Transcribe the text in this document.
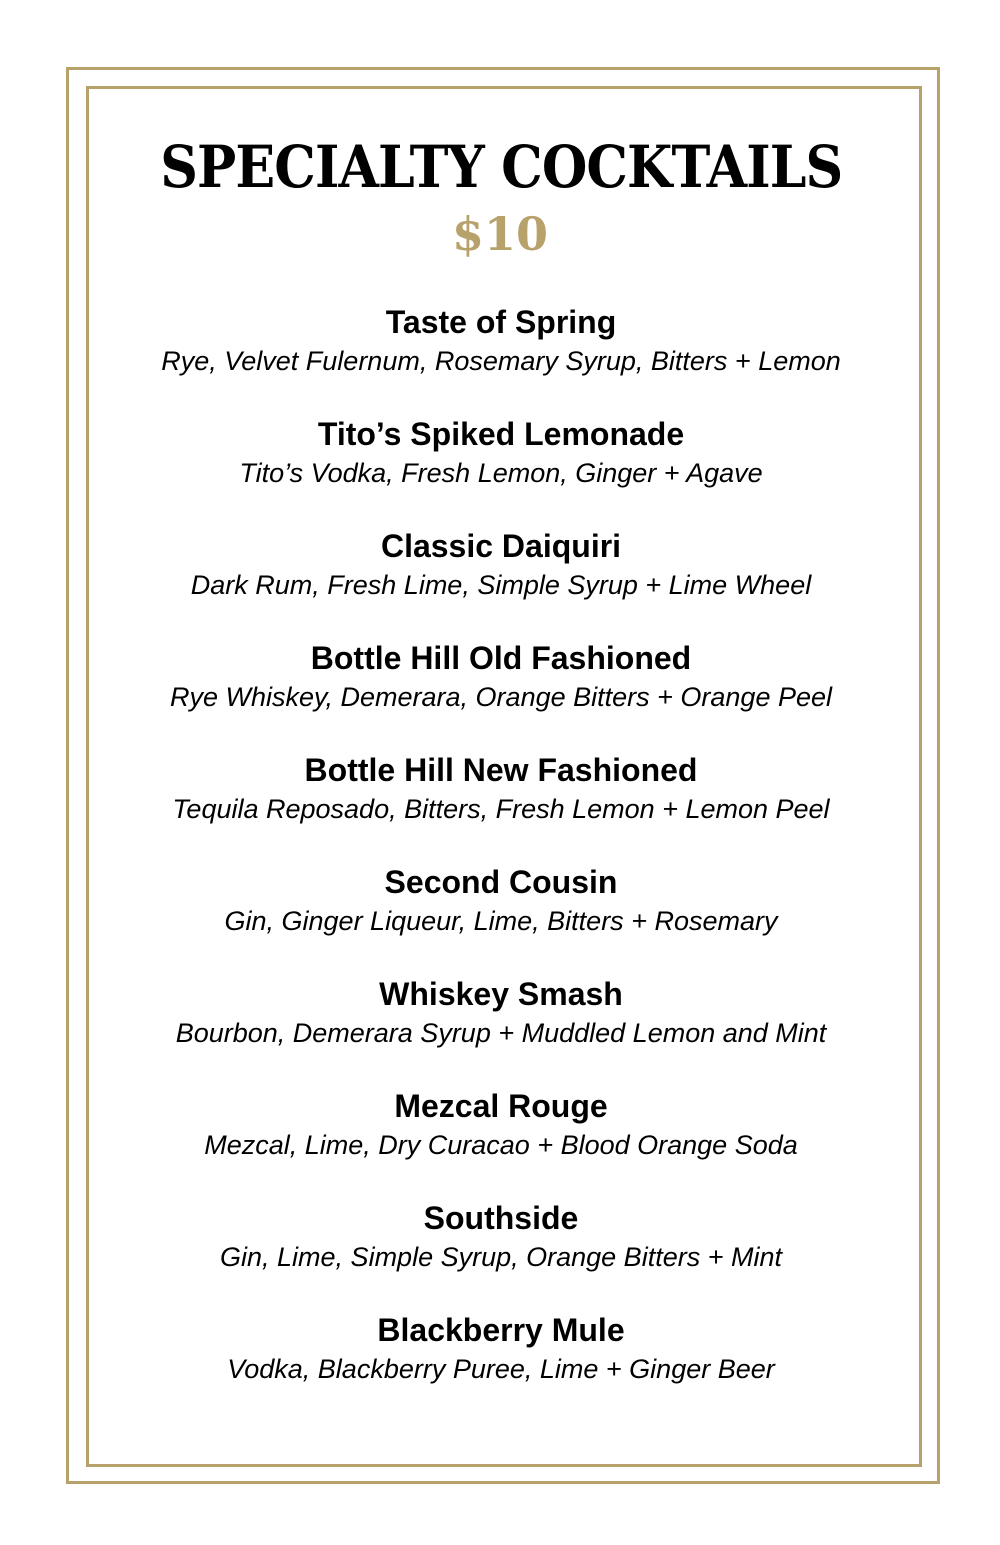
SPECIALTY COCKTAILS
$10
Taste of Spring
Rye, Velvet Fulernum, Rosemary Syrup, Bitters + Lemon
Tito’s Spiked Lemonade
Tito’s Vodka, Fresh Lemon, Ginger + Agave
Classic Daiquiri
Dark Rum, Fresh Lime, Simple Syrup + Lime Wheel
Bottle Hill Old Fashioned
Rye Whiskey, Demerara, Orange Bitters + Orange Peel
Bottle Hill New Fashioned
Tequila Reposado, Bitters, Fresh Lemon + Lemon Peel
Second Cousin
Gin, Ginger Liqueur, Lime, Bitters + Rosemary
Whiskey Smash
Bourbon, Demerara Syrup + Muddled Lemon and Mint
Mezcal Rouge
Mezcal, Lime, Dry Curacao + Blood Orange Soda
Southside
Gin, Lime, Simple Syrup, Orange Bitters + Mint
Blackberry Mule
Vodka, Blackberry Puree, Lime + Ginger Beer
